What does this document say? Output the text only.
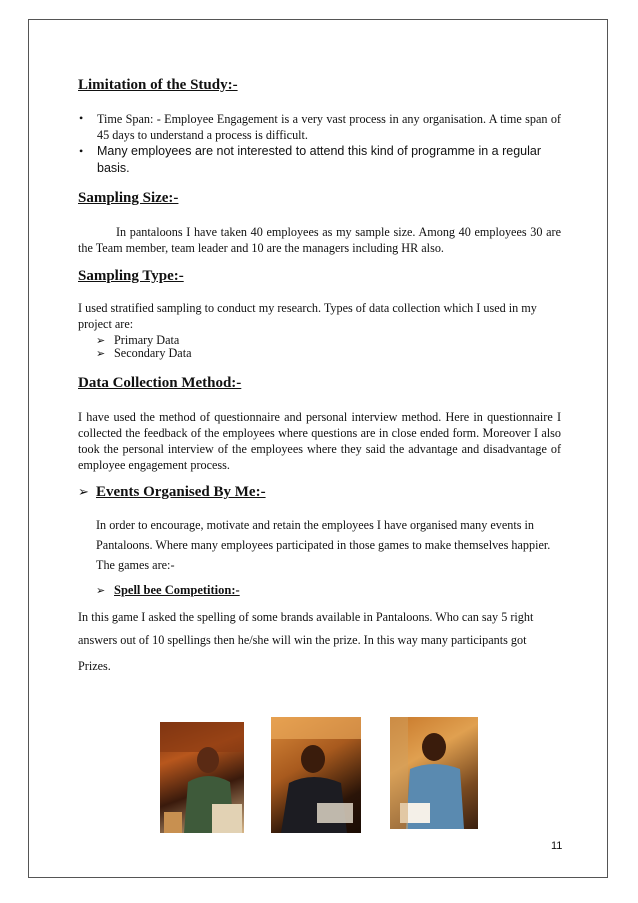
Limitation of the Study:-
• Time Span: - Employee Engagement is a very vast process in any organisation. A time span of 45 days to understand a process is difficult.
• Many employees are not interested to attend this kind of programme in a regular basis.
Sampling Size:-
In pantaloons I have taken 40 employees as my sample size. Among 40 employees 30 are the Team member, team leader and 10 are the managers including HR also.
Sampling Type:-
I used stratified sampling to conduct my research. Types of data collection which I used in my project are:
➢ Primary Data
➢ Secondary Data
Data Collection Method:-
I have used the method of questionnaire and personal interview method. Here in questionnaire I collected the feedback of the employees where questions are in close ended form. Moreover I also took the personal interview of the employees where they said the advantage and disadvantage of employee engagement process.
➢ Events Organised By Me:-
In order to encourage, motivate and retain the employees I have organised many events in Pantaloons. Where many employees participated in those games to make themselves happier. The games are:-
➢ Spell bee Competition:-
In this game I asked the spelling of some brands available in Pantaloons. Who can say 5 right
answers out of 10 spellings then he/she will win the prize. In this way many participants got
Prizes.
11
